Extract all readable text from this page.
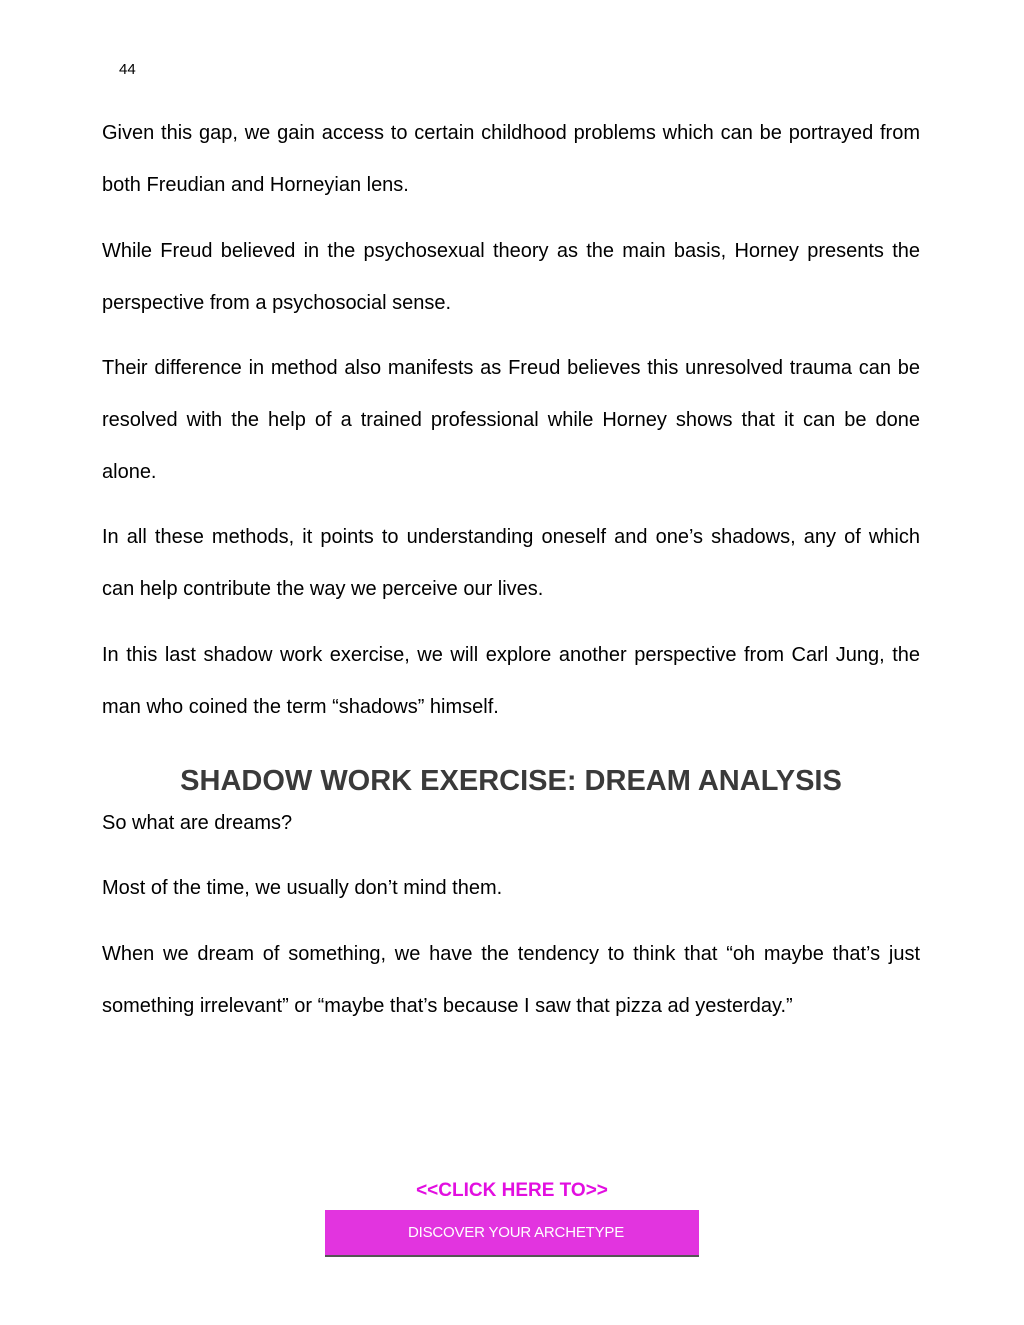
44

Given this gap, we gain access to certain childhood problems which can be portrayed from both Freudian and Horneyian lens.

While Freud believed in the psychosexual theory as the main basis, Horney presents the perspective from a psychosocial sense.

Their difference in method also manifests as Freud believes this unresolved trauma can be resolved with the help of a trained professional while Horney shows that it can be done alone.

In all these methods, it points to understanding oneself and one’s shadows, any of which can help contribute the way we perceive our lives.

In this last shadow work exercise, we will explore another perspective from Carl Jung, the man who coined the term “shadows” himself.

SHADOW WORK EXERCISE: DREAM ANALYSIS

So what are dreams?

Most of the time, we usually don’t mind them.

When we dream of something, we have the tendency to think that “oh maybe that’s just something irrelevant” or “maybe that’s because I saw that pizza ad yesterday.”

<<CLICK HERE TO>>
DISCOVER YOUR ARCHETYPE
